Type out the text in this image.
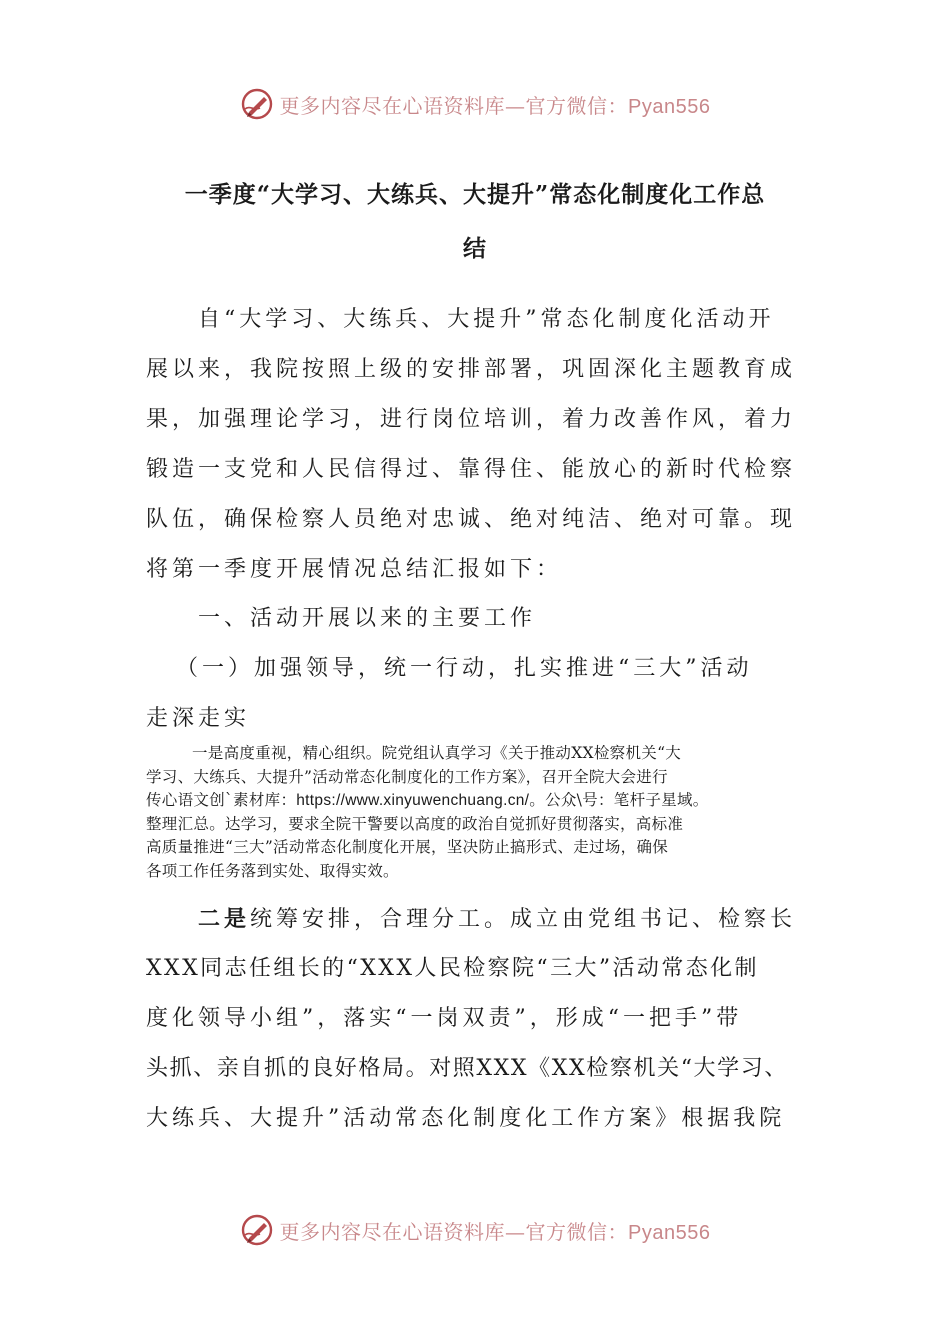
更多内容尽在心语资料库—官方微信：Pyan556
一季度“大学习、大练兵、大提升”常态化制度化工作总
结
自“大学习、大练兵、大提升”常态化制度化活动开
展以来，我院按照上级的安排部署，巩固深化主题教育成
果，加强理论学习，进行岗位培训，着力改善作风，着力
锻造一支党和人民信得过、靠得住、能放心的新时代检察
队伍，确保检察人员绝对忠诚、绝对纯洁、绝对可靠。现
将第一季度开展情况总结汇报如下：
一、活动开展以来的主要工作
（一）加强领导，统一行动，扎实推进“三大”活动
走深走实
一是高度重视，精心组织。院党组认真学习《关于推动XX检察机关“大
学习、大练兵、大提升”活动常态化制度化的工作方案》，召开全院大会进行
传心语文创`素材库：https://www.xinyuwenchuang.cn/。公众\号：笔杆子星域。
整理汇总。达学习，要求全院干警要以高度的政治自觉抓好贯彻落实，高标准
高质量推进“三大”活动常态化制度化开展，坚决防止搞形式、走过场，确保
各项工作任务落到实处、取得实效。
二是统筹安排，合理分工。成立由党组书记、检察长
XXX同志任组长的“XXX人民检察院“三大”活动常态化制
度化领导小组”，落实“一岗双责”，形成“一把手”带
头抓、亲自抓的良好格局。对照XXX《XX检察机关“大学习、
大练兵、大提升”活动常态化制度化工作方案》根据我院
更多内容尽在心语资料库—官方微信：Pyan556
